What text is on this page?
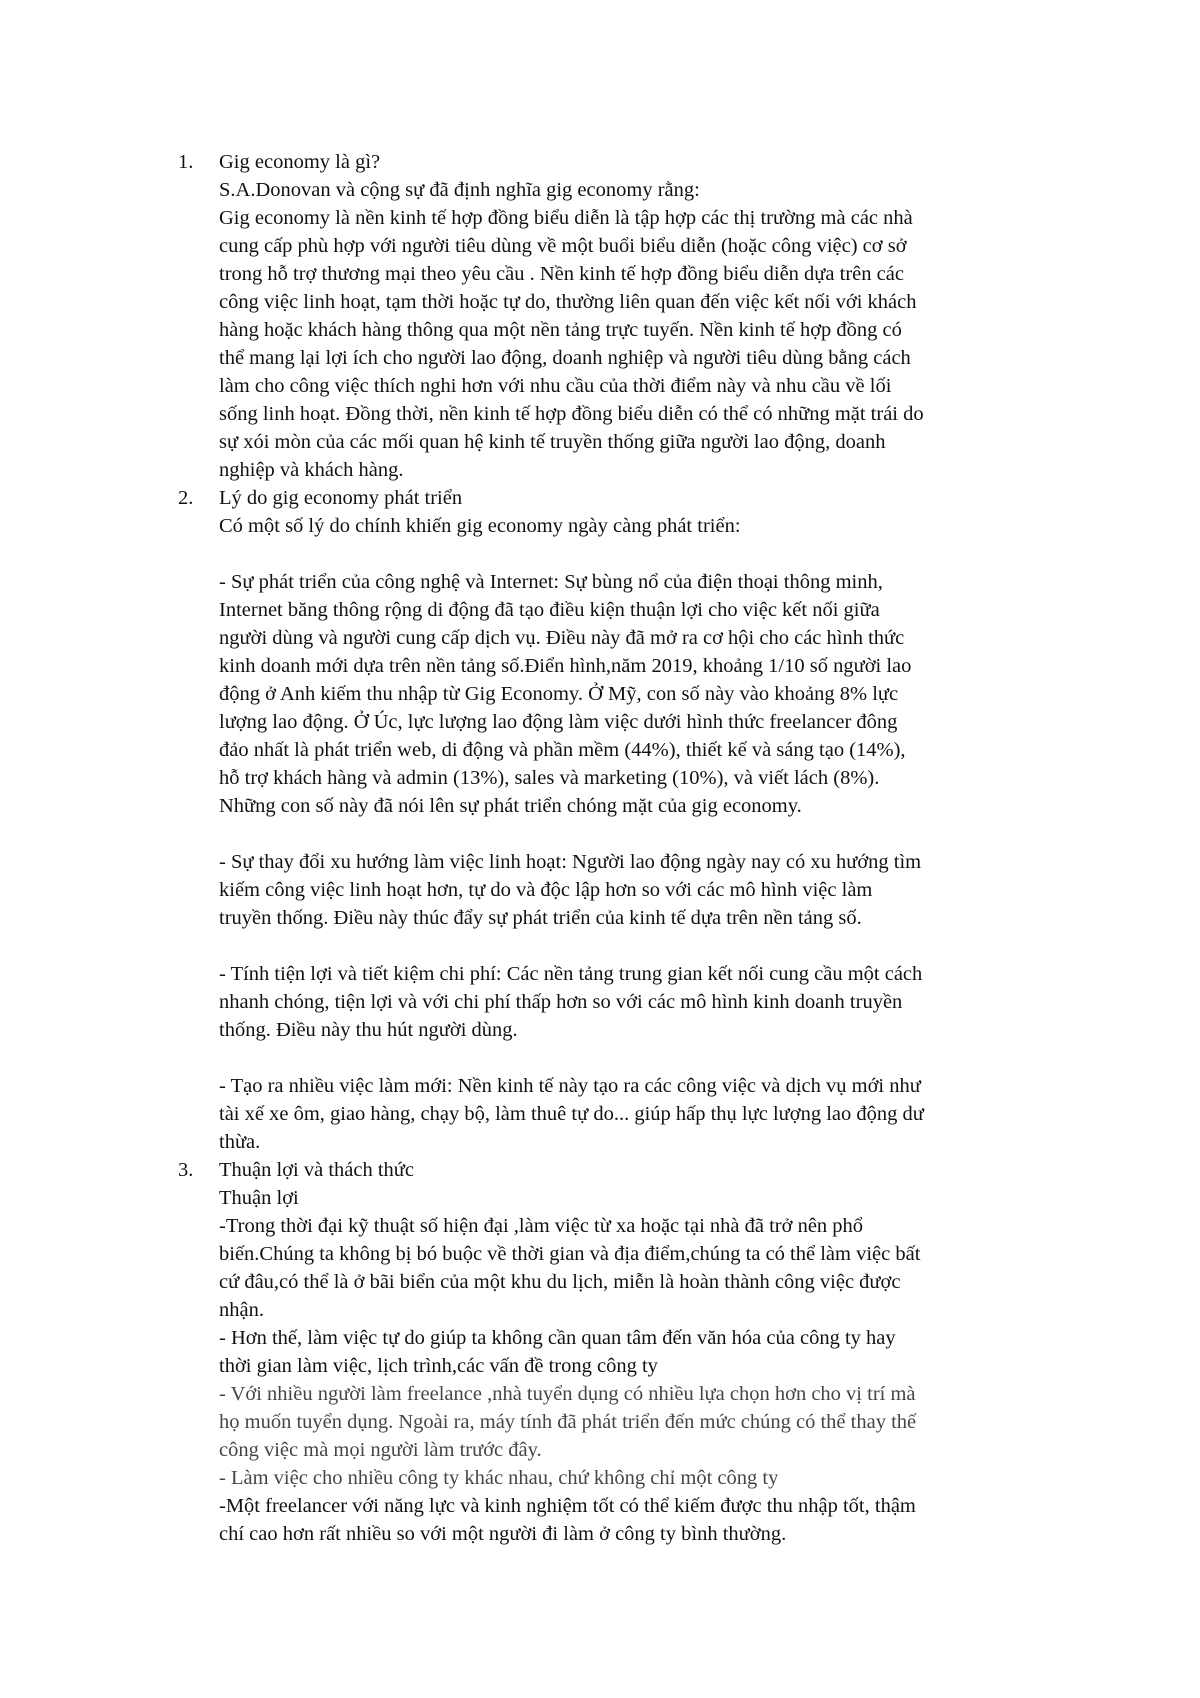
1. Gig economy là gì?
S.A.Donovan và cộng sự đã định nghĩa gig economy rằng:
Gig economy là nền kinh tế hợp đồng biểu diễn là tập hợp các thị trường mà các nhà
cung cấp phù hợp với người tiêu dùng về một buổi biểu diễn (hoặc công việc) cơ sở
trong hỗ trợ thương mại theo yêu cầu . Nền kinh tế hợp đồng biểu diễn dựa trên các
công việc linh hoạt, tạm thời hoặc tự do, thường liên quan đến việc kết nối với khách
hàng hoặc khách hàng thông qua một nền tảng trực tuyến. Nền kinh tế hợp đồng có
thể mang lại lợi ích cho người lao động, doanh nghiệp và người tiêu dùng bằng cách
làm cho công việc thích nghi hơn với nhu cầu của thời điểm này và nhu cầu về lối
sống linh hoạt. Đồng thời, nền kinh tế hợp đồng biểu diễn có thể có những mặt trái do
sự xói mòn của các mối quan hệ kinh tế truyền thống giữa người lao động, doanh
nghiệp và khách hàng.
2. Lý do gig economy phát triển
Có một số lý do chính khiến gig economy ngày càng phát triển:
- Sự phát triển của công nghệ và Internet: Sự bùng nổ của điện thoại thông minh,
Internet băng thông rộng di động đã tạo điều kiện thuận lợi cho việc kết nối giữa
người dùng và người cung cấp dịch vụ. Điều này đã mở ra cơ hội cho các hình thức
kinh doanh mới dựa trên nền tảng số.Điển hình,năm 2019, khoảng 1/10 số người lao
động ở Anh kiếm thu nhập từ Gig Economy. Ở Mỹ, con số này vào khoảng 8% lực
lượng lao động. Ở Úc, lực lượng lao động làm việc dưới hình thức freelancer đông
đảo nhất là phát triển web, di động và phần mềm (44%), thiết kế và sáng tạo (14%),
hỗ trợ khách hàng và admin (13%), sales và marketing (10%), và viết lách (8%).
Những con số này đã nói lên sự phát triển chóng mặt của gig economy.
- Sự thay đổi xu hướng làm việc linh hoạt: Người lao động ngày nay có xu hướng tìm
kiếm công việc linh hoạt hơn, tự do và độc lập hơn so với các mô hình việc làm
truyền thống. Điều này thúc đẩy sự phát triển của kinh tế dựa trên nền tảng số.
- Tính tiện lợi và tiết kiệm chi phí: Các nền tảng trung gian kết nối cung cầu một cách
nhanh chóng, tiện lợi và với chi phí thấp hơn so với các mô hình kinh doanh truyền
thống. Điều này thu hút người dùng.
- Tạo ra nhiều việc làm mới: Nền kinh tế này tạo ra các công việc và dịch vụ mới như
tài xế xe ôm, giao hàng, chạy bộ, làm thuê tự do... giúp hấp thụ lực lượng lao động dư
thừa.
3. Thuận lợi và thách thức
Thuận lợi
-Trong thời đại kỹ thuật số hiện đại ,làm việc từ xa hoặc tại nhà đã trở nên phổ
biến.Chúng ta không bị bó buộc về thời gian và địa điểm,chúng ta có thể làm việc bất
cứ đâu,có thể là ở bãi biển của một khu du lịch, miễn là hoàn thành công việc được
nhận.
- Hơn thế, làm việc tự do giúp ta không cần quan tâm đến văn hóa của công ty hay
thời gian làm việc, lịch trình,các vấn đề trong công ty
- Với nhiều người làm freelance ,nhà tuyển dụng có nhiều lựa chọn hơn cho vị trí mà
họ muốn tuyển dụng. Ngoài ra, máy tính đã phát triển đến mức chúng có thể thay thế
công việc mà mọi người làm trước đây.
- Làm việc cho nhiều công ty khác nhau, chứ không chỉ một công ty
-Một freelancer với năng lực và kinh nghiệm tốt có thể kiếm được thu nhập tốt, thậm
chí cao hơn rất nhiều so với một người đi làm ở công ty bình thường.
